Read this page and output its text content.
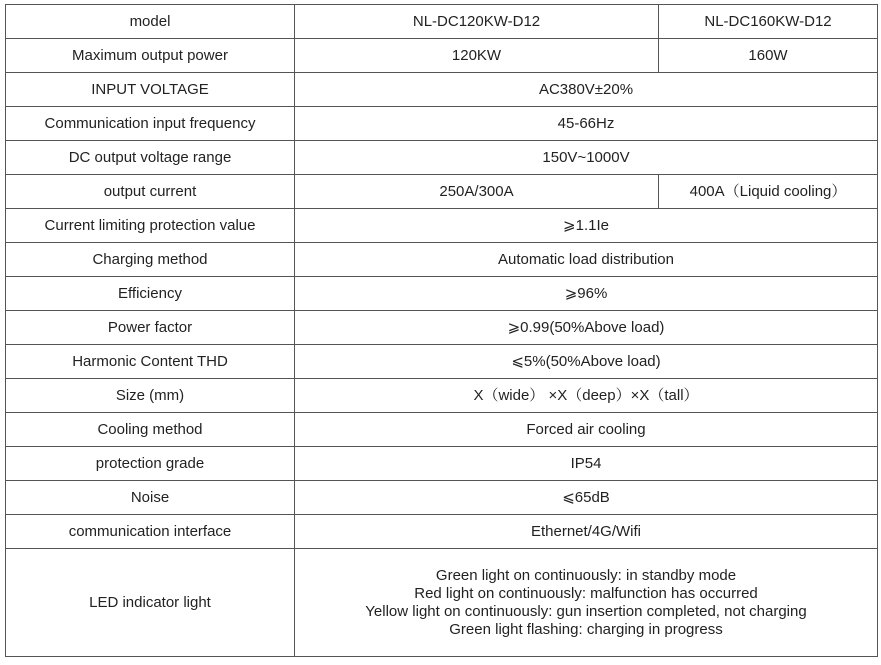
model	NL-DC120KW-D12	NL-DC160KW-D12
Maximum output power	120KW	160W
INPUT VOLTAGE	AC380V±20%	
Communication input frequency	45-66Hz	
DC output voltage range	150V~1000V	
output current	250A/300A	400A（Liquid cooling）
Current limiting protection value	⩾1.1Ie	
Charging method	Automatic load distribution	
Efficiency	⩾96%	
Power factor	⩾0.99(50%Above load)	
Harmonic Content THD	⩽5%(50%Above load)	
Size (mm)	X（wide） ×X（deep）×X（tall）	
Cooling method	Forced air cooling	
protection grade	IP54	
Noise	⩽65dB	
communication interface	Ethernet/4G/Wifi	
LED indicator light	Green light on continuously: in standby mode
Red light on continuously: malfunction has occurred
Yellow light on continuously: gun insertion completed, not charging
Green light flashing: charging in progress	
